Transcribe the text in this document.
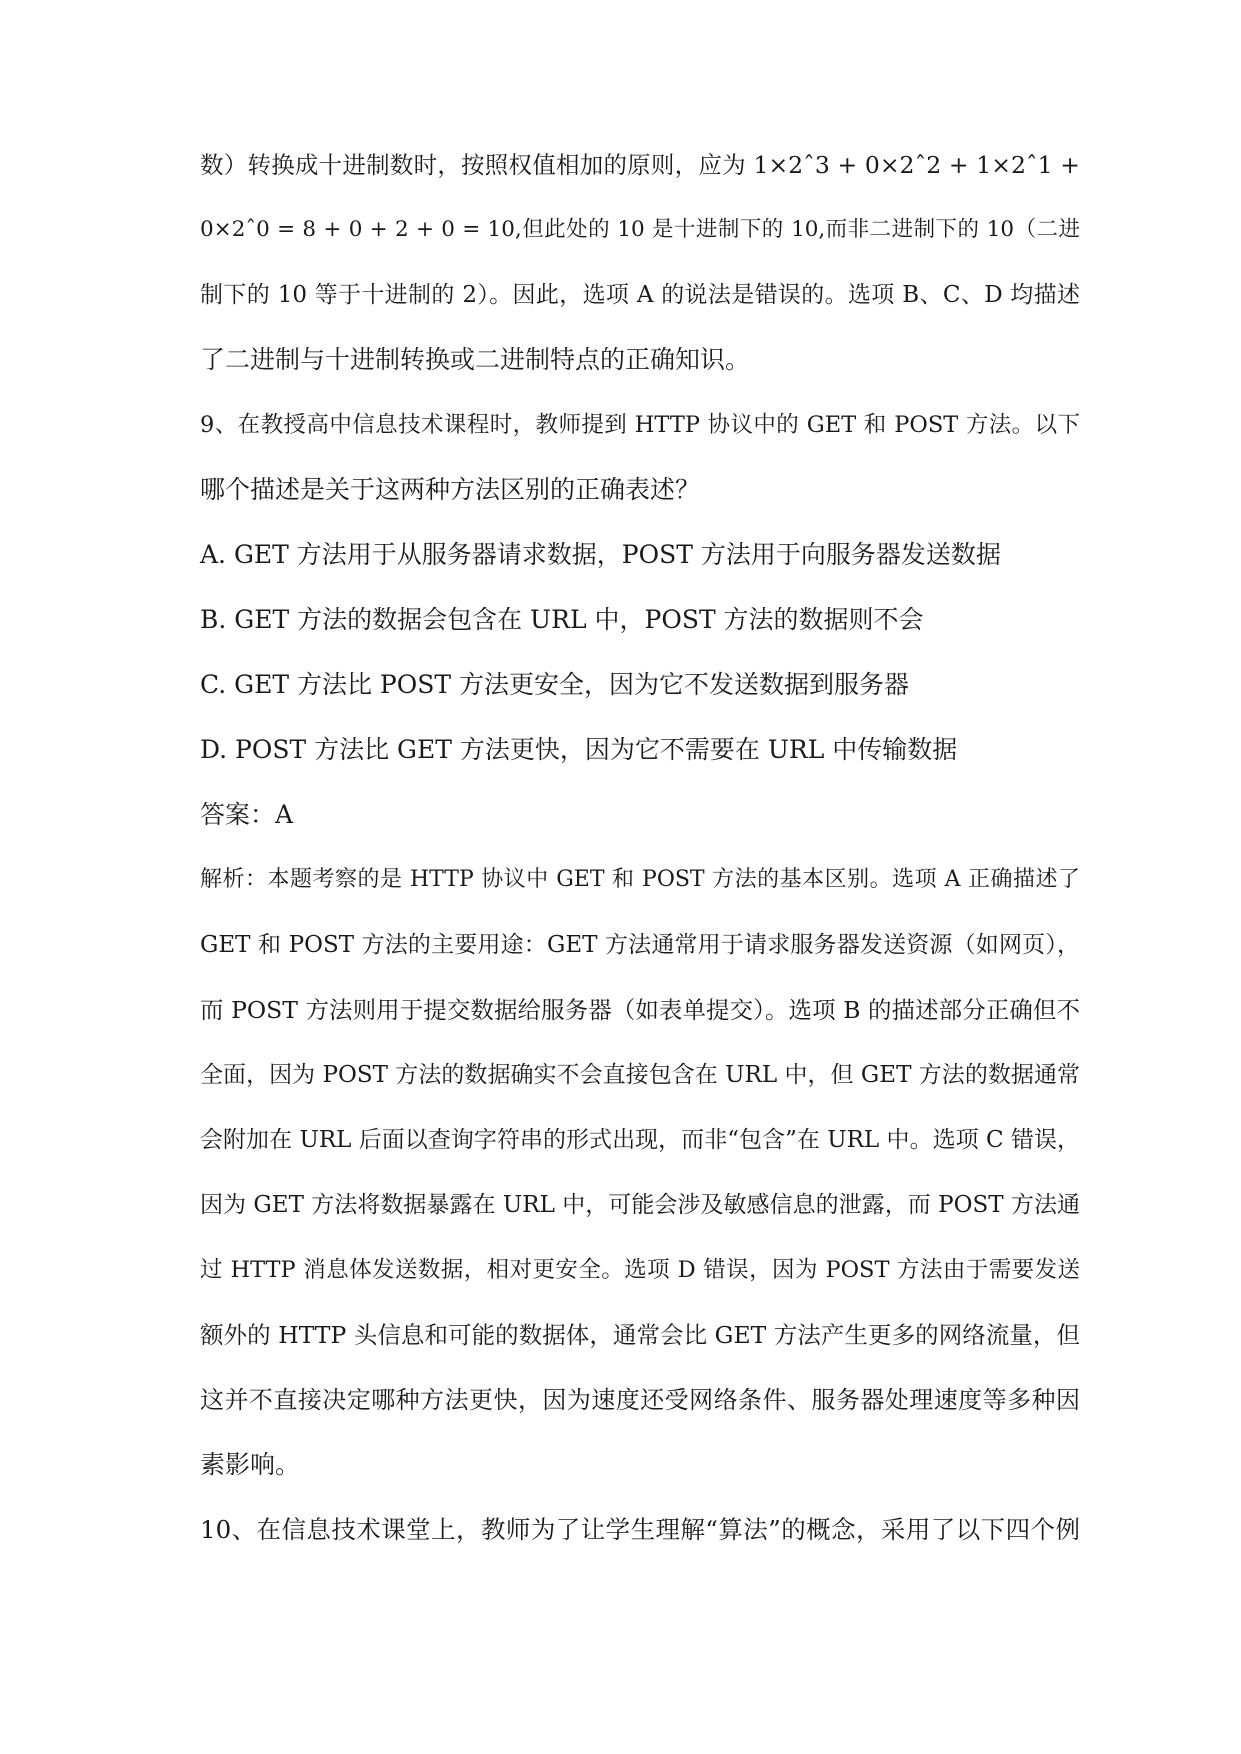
数）转换成十进制数时，按照权值相加的原则，应为 1×2ˆ3 + 0×2ˆ2 + 1×2ˆ1 +
0×2ˆ0 = 8 + 0 + 2 + 0 = 10,但此处的 10 是十进制下的 10,而非二进制下的 10（二进
制下的 10 等于十进制的 2）。因此，选项 A 的说法是错误的。选项 B、C、D 均描述
了二进制与十进制转换或二进制特点的正确知识。
9、在教授高中信息技术课程时，教师提到 HTTP 协议中的 GET 和 POST 方法。以下
哪个描述是关于这两种方法区别的正确表述？
A. GET 方法用于从服务器请求数据，POST 方法用于向服务器发送数据
B. GET 方法的数据会包含在 URL 中，POST 方法的数据则不会
C. GET 方法比 POST 方法更安全，因为它不发送数据到服务器
D. POST 方法比 GET 方法更快，因为它不需要在 URL 中传输数据
答案：A
解析：本题考察的是 HTTP 协议中 GET 和 POST 方法的基本区别。选项 A 正确描述了
GET 和 POST 方法的主要用途：GET 方法通常用于请求服务器发送资源（如网页），
而 POST 方法则用于提交数据给服务器（如表单提交）。选项 B 的描述部分正确但不
全面，因为 POST 方法的数据确实不会直接包含在 URL 中，但 GET 方法的数据通常
会附加在 URL 后面以查询字符串的形式出现，而非“包含”在 URL 中。选项 C 错误，
因为 GET 方法将数据暴露在 URL 中，可能会涉及敏感信息的泄露，而 POST 方法通
过 HTTP 消息体发送数据，相对更安全。选项 D 错误，因为 POST 方法由于需要发送
额外的 HTTP 头信息和可能的数据体，通常会比 GET 方法产生更多的网络流量，但
这并不直接决定哪种方法更快，因为速度还受网络条件、服务器处理速度等多种因
素影响。
10、在信息技术课堂上，教师为了让学生理解“算法”的概念，采用了以下四个例
